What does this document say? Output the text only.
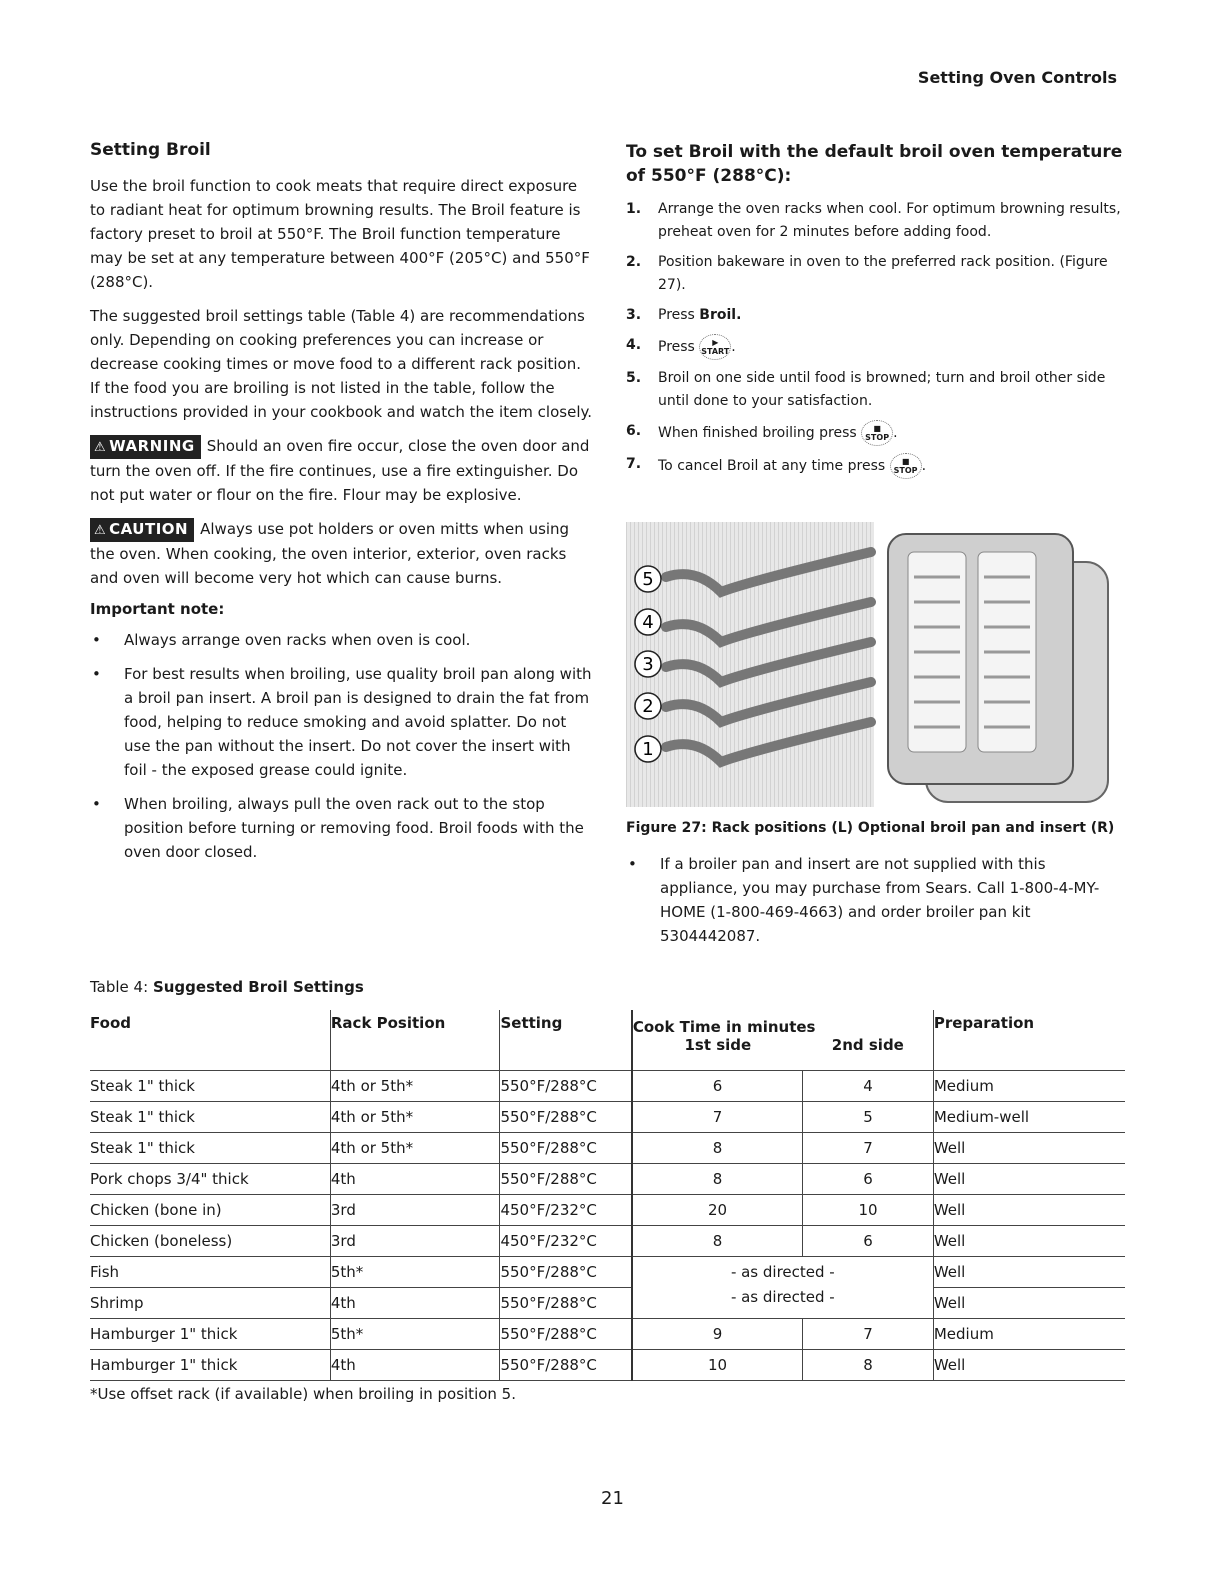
Setting Oven Controls
Setting Broil

Use the broil function to cook meats that require direct exposure to radiant heat for optimum browning results. The Broil feature is factory preset to broil at 550°F. The Broil function temperature may be set at any temperature between 400°F (205°C) and 550°F (288°C).

The suggested broil settings table (Table 4) are recommendations only. Depending on cooking preferences you can increase or decrease cooking times or move food to a different rack position. If the food you are broiling is not listed in the table, follow the instructions provided in your cookbook and watch the item closely.

⚠ WARNING Should an oven fire occur, close the oven door and turn the oven off. If the fire continues, use a fire extinguisher. Do not put water or flour on the fire. Flour may be explosive.

⚠ CAUTION Always use pot holders or oven mitts when using the oven. When cooking, the oven interior, exterior, oven racks and oven will become very hot which can cause burns.

Important note:
• Always arrange oven racks when oven is cool.
• For best results when broiling, use quality broil pan along with a broil pan insert. A broil pan is designed to drain the fat from food, helping to reduce smoking and avoid splatter. Do not use the pan without the insert. Do not cover the insert with foil - the exposed grease could ignite.
• When broiling, always pull the oven rack out to the stop position before turning or removing food. Broil foods with the oven door closed.
To set Broil with the default broil oven temperature of 550°F (288°C):
1. Arrange the oven racks when cool. For optimum browning results, preheat oven for 2 minutes before adding food.
2. Position bakeware in oven to the preferred rack position. (Figure 27).
3. Press Broil.
4. Press ▶
START .
5. Broil on one side until food is browned; turn and broil other side until done to your satisfaction.
6. When finished broiling press ■
STOP .
7. To cancel Broil at any time press ■
STOP .
5
4
3
2
1
Figure 27: Rack positions (L) Optional broil pan and insert (R)
• If a broiler pan and insert are not supplied with this appliance, you may purchase from Sears. Call 1-800-4-MY-HOME (1-800-469-4663) and order broiler pan kit 5304442087.
Table 4: Suggested Broil Settings
Food	Rack Position	Setting	Cook Time in minutes
1st side 2nd side		Preparation
Steak 1" thick	4th or 5th*	550°F/288°C	6	4	Medium
Steak 1" thick	4th or 5th*	550°F/288°C	7	5	Medium-well
Steak 1" thick	4th or 5th*	550°F/288°C	8	7	Well
Pork chops 3/4" thick	4th	550°F/288°C	8	6	Well
Chicken (bone in)	3rd	450°F/232°C	20	10	Well
Chicken (boneless)	3rd	450°F/232°C	8	6	Well
Fish	5th*	550°F/288°C	- as directed -		Well
Shrimp	4th	550°F/288°C	- as directed -		Well
Hamburger 1" thick	5th*	550°F/288°C	9	7	Medium
Hamburger 1" thick	4th	550°F/288°C	10	8	Well
*Use offset rack (if available) when broiling in position 5.
21
